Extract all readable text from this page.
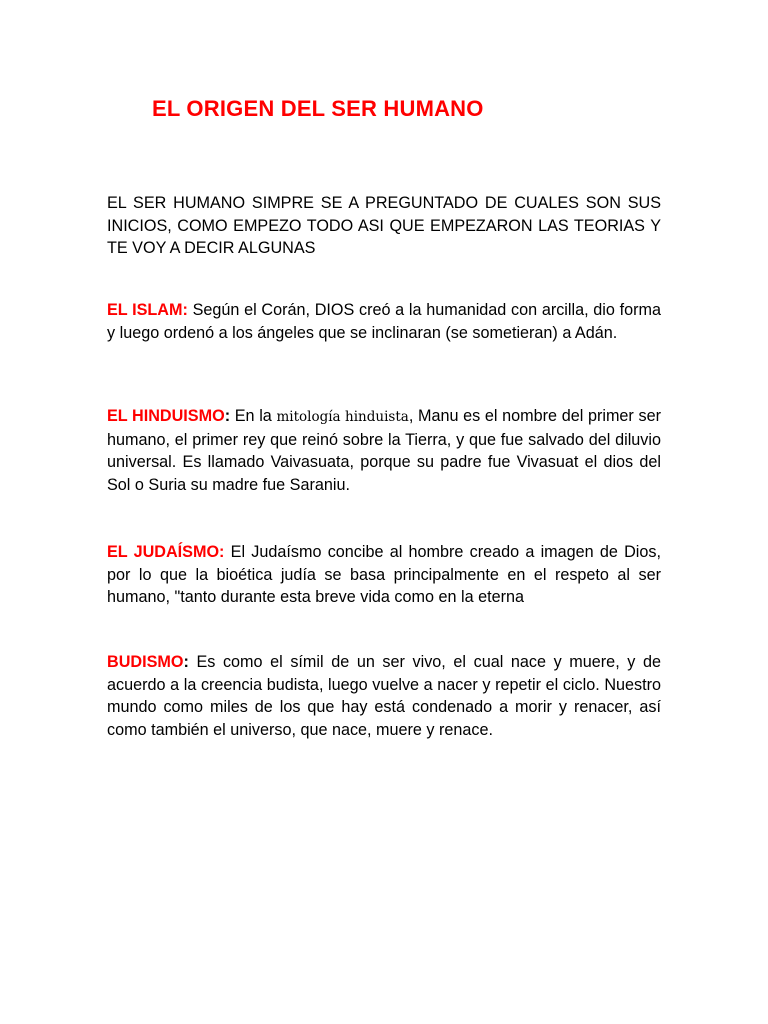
EL ORIGEN DEL SER HUMANO

EL SER HUMANO SIMPRE SE A PREGUNTADO DE CUALES SON SUS INICIOS, COMO EMPEZO TODO ASI QUE EMPEZARON LAS TEORIAS Y TE VOY A DECIR ALGUNAS

EL ISLAM: Según el Corán, DIOS creó a la humanidad con arcilla, dio forma y luego ordenó a los ángeles que se inclinaran (se sometieran) a Adán.

EL HINDUISMO: En la mitología hinduista, Manu es el nombre del primer ser humano, el primer rey que reinó sobre la Tierra, y que fue salvado del diluvio universal. Es llamado Vaivasuata, porque su padre fue Vivasuat el dios del Sol o Suria su madre fue Saraniu.

EL JUDAÍSMO: El Judaísmo concibe al hombre creado a imagen de Dios, por lo que la bioética judía se basa principalmente en el respeto al ser humano, "tanto durante esta breve vida como en la eterna

BUDISMO: Es como el símil de un ser vivo, el cual nace y muere, y de acuerdo a la creencia budista, luego vuelve a nacer y repetir el ciclo. Nuestro mundo como miles de los que hay está condenado a morir y renacer, así como también el universo, que nace, muere y renace.
